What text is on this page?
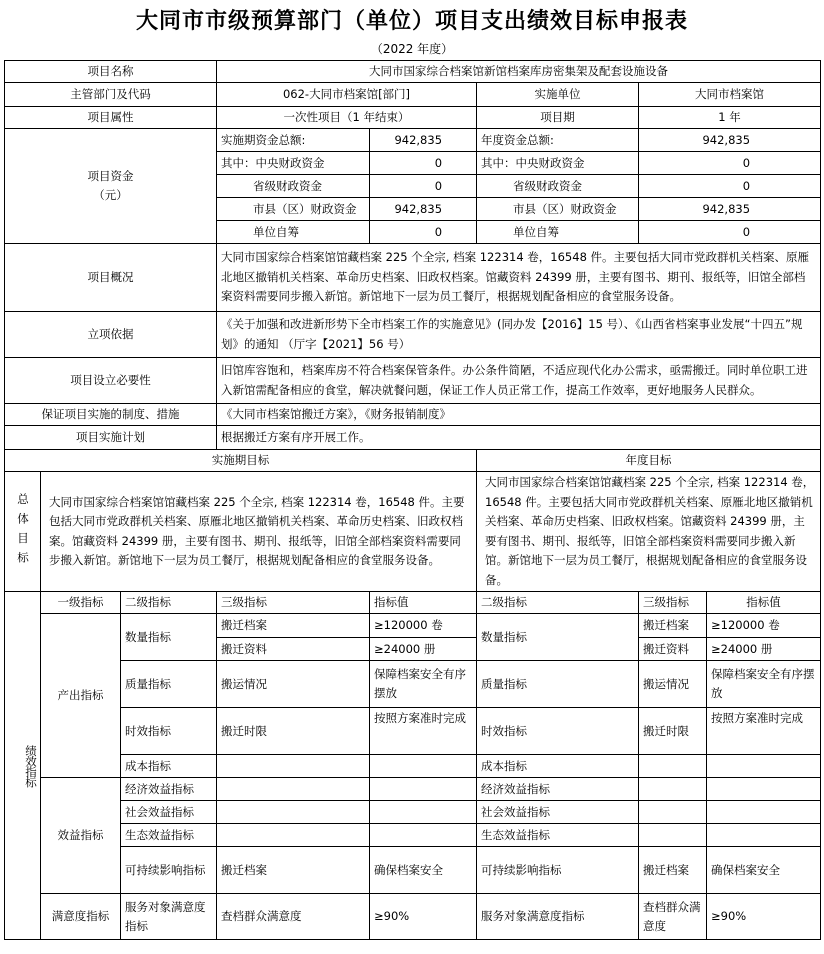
大同市市级预算部门（单位）项目支出绩效目标申报表
（2022 年度）
项目名称			大同市国家综合档案馆新馆档案库房密集架及配套设施设备				
主管部门及代码			062-大同市档案馆[部门]		实施单位	大同市档案馆	
项目属性			一次性项目（1 年结束）		项目期	1 年	

项目资金
（元）			实施期资金总额:	942,835	年度资金总额:	942,835	
			其中：中央财政资金	0	其中：中央财政资金	0	
			省级财政资金	0	省级财政资金	0	
			市县（区）财政资金	942,835	市县（区）财政资金	942,835	
			单位自筹	0	单位自筹	0	
项目概况			大同市国家综合档案馆馆藏档案 225 个全宗, 档案 122314 卷，16548 件。主要包括大同市党政群机关档案、原雁北地区撤销机关档案、革命历史档案、旧政权档案。馆藏资料 24399 册，主要有图书、期刊、报纸等，旧馆全部档案资料需要同步搬入新馆。新馆地下一层为员工餐厅，根据规划配备相应的食堂服务设备。				
立项依据			《关于加强和改进新形势下全市档案工作的实施意见》(同办发【2016】15 号）、《山西省档案事业发展“十四五”规划》的通知 （厅字【2021】56 号）				
项目设立必要性			旧馆库容饱和，档案库房不符合档案保管条件。办公条件简陋，不适应现代化办公需求，亟需搬迁。同时单位职工进入新馆需配备相应的食堂，解决就餐问题，保证工作人员正常工作，提高工作效率，更好地服务人民群众。				
保证项目实施的制度、措施			《大同市档案馆搬迁方案》，《财务报销制度》				
项目实施计划			根据搬迁方案有序开展工作。				
实施期目标					年度目标		
总体目标	大同市国家综合档案馆馆藏档案 225 个全宗, 档案 122314 卷，16548 件。主要包括大同市党政群机关档案、原雁北地区撤销机关档案、革命历史档案、旧政权档案。馆藏资料 24399 册，主要有图书、期刊、报纸等，旧馆全部档案资料需要同步搬入新馆。新馆地下一层为员工餐厅，根据规划配备相应的食堂服务设备。				大同市国家综合档案馆馆藏档案 225 个全宗, 档案 122314 卷，16548 件。主要包括大同市党政群机关档案、原雁北地区撤销机关档案、革命历史档案、旧政权档案。馆藏资料 24399 册，主要有图书、期刊、报纸等，旧馆全部档案资料需要同步搬入新馆。新馆地下一层为员工餐厅，根据规划配备相应的食堂服务设备。		
绩效指标	一级指标	二级指标	三级指标	指标值	二级指标	三级指标	指标值
	产出指标	数量指标	搬迁档案	≥120000 卷	数量指标	搬迁档案	≥120000 卷
			搬迁资料	≥24000 册		搬迁资料	≥24000 册
		质量指标	搬运情况	保障档案安全有序摆放	质量指标	搬运情况	保障档案安全有序摆放
		时效指标	搬迁时限	按照方案准时完成	时效指标	搬迁时限	按照方案准时完成
		成本指标			成本指标		
	效益指标	经济效益指标			经济效益指标		
		社会效益指标			社会效益指标		
		生态效益指标			生态效益指标		
		可持续影响指标	搬迁档案	确保档案安全	可持续影响指标	搬迁档案	确保档案安全
	满意度指标	服务对象满意度指标	查档群众满意度	≥90%	服务对象满意度指标	查档群众满意度	≥90%
